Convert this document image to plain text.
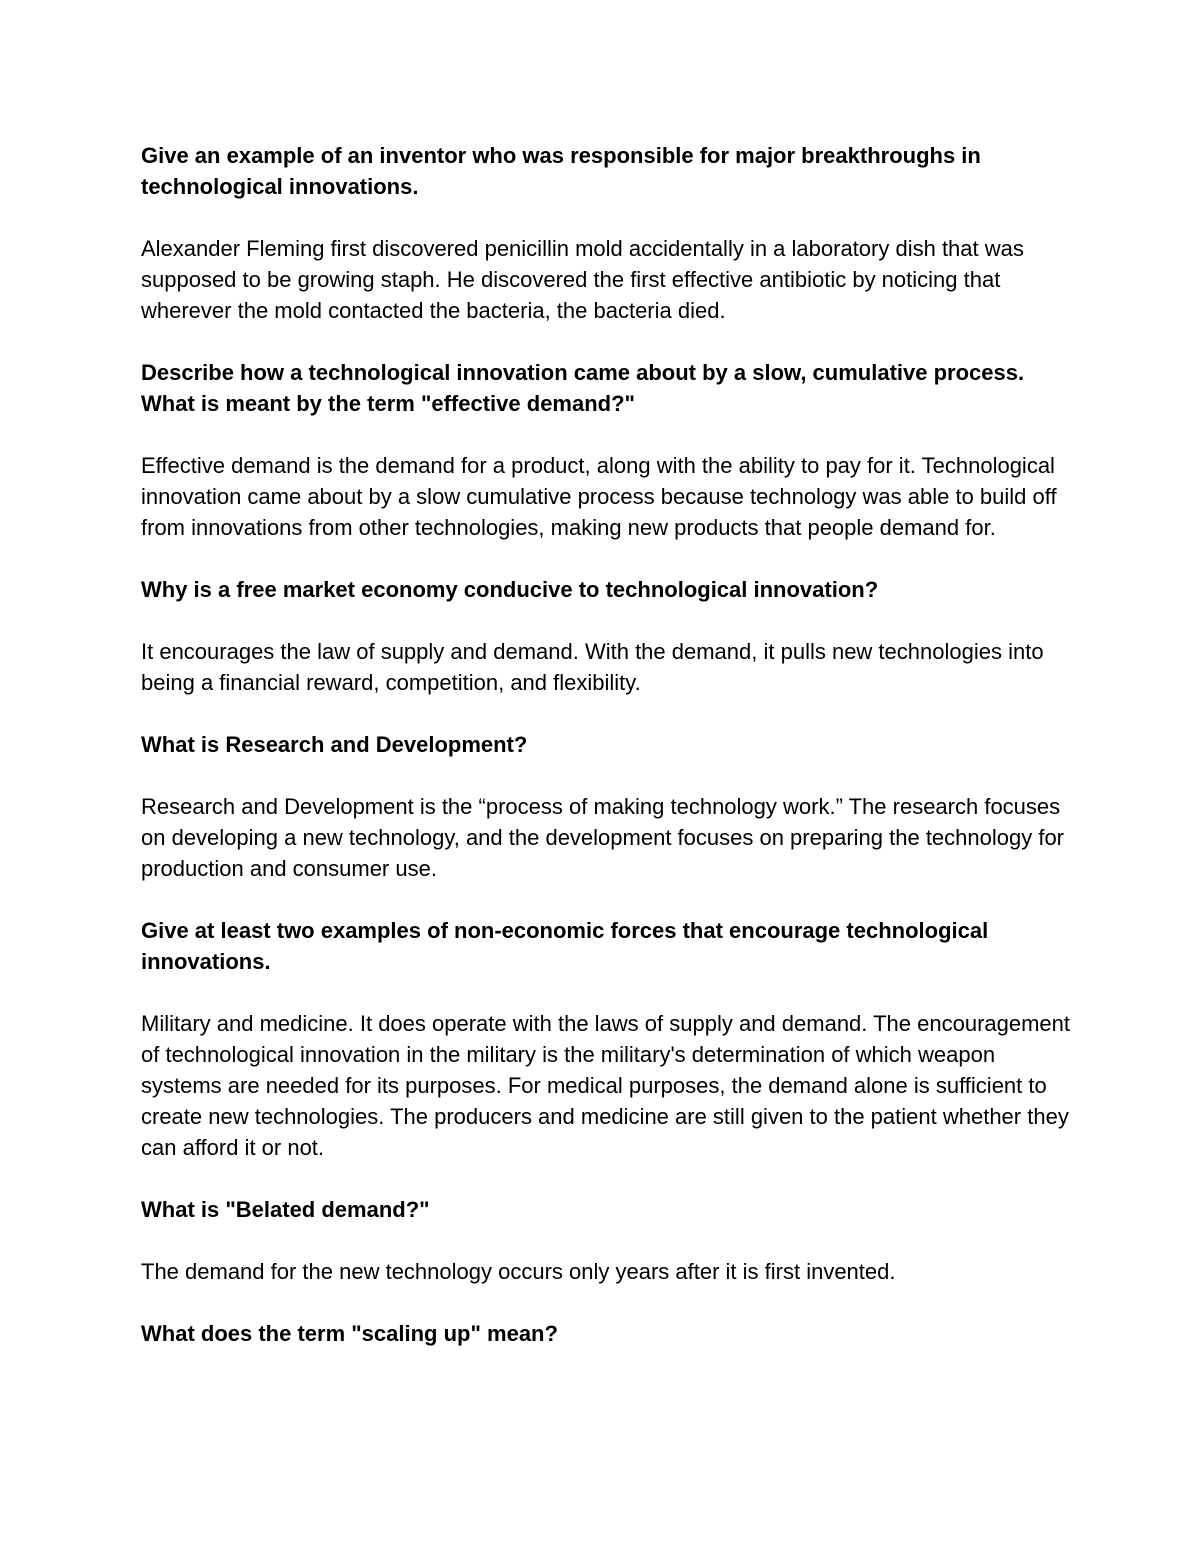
Give an example of an inventor who was responsible for major breakthroughs in technological innovations.

Alexander Fleming first discovered penicillin mold accidentally in a laboratory dish that was supposed to be growing staph. He discovered the first effective antibiotic by noticing that wherever the mold contacted the bacteria, the bacteria died.

Describe how a technological innovation came about by a slow, cumulative process.

What is meant by the term "effective demand?"

Effective demand is the demand for a product, along with the ability to pay for it. Technological innovation came about by a slow cumulative process because technology was able to build off from innovations from other technologies, making new products that people demand for.

Why is a free market economy conducive to technological innovation?

It encourages the law of supply and demand. With the demand, it pulls new technologies into being a financial reward, competition, and flexibility.

What is Research and Development?

Research and Development is the “process of making technology work.” The research focuses on developing a new technology, and the development focuses on preparing the technology for production and consumer use.

Give at least two examples of non-economic forces that encourage technological innovations.

Military and medicine. It does operate with the laws of supply and demand. The encouragement of technological innovation in the military is the military's determination of which weapon systems are needed for its purposes. For medical purposes, the demand alone is sufficient to create new technologies. The producers and medicine are still given to the patient whether they can afford it or not.

What is "Belated demand?"

The demand for the new technology occurs only years after it is first invented.

What does the term "scaling up" mean?
